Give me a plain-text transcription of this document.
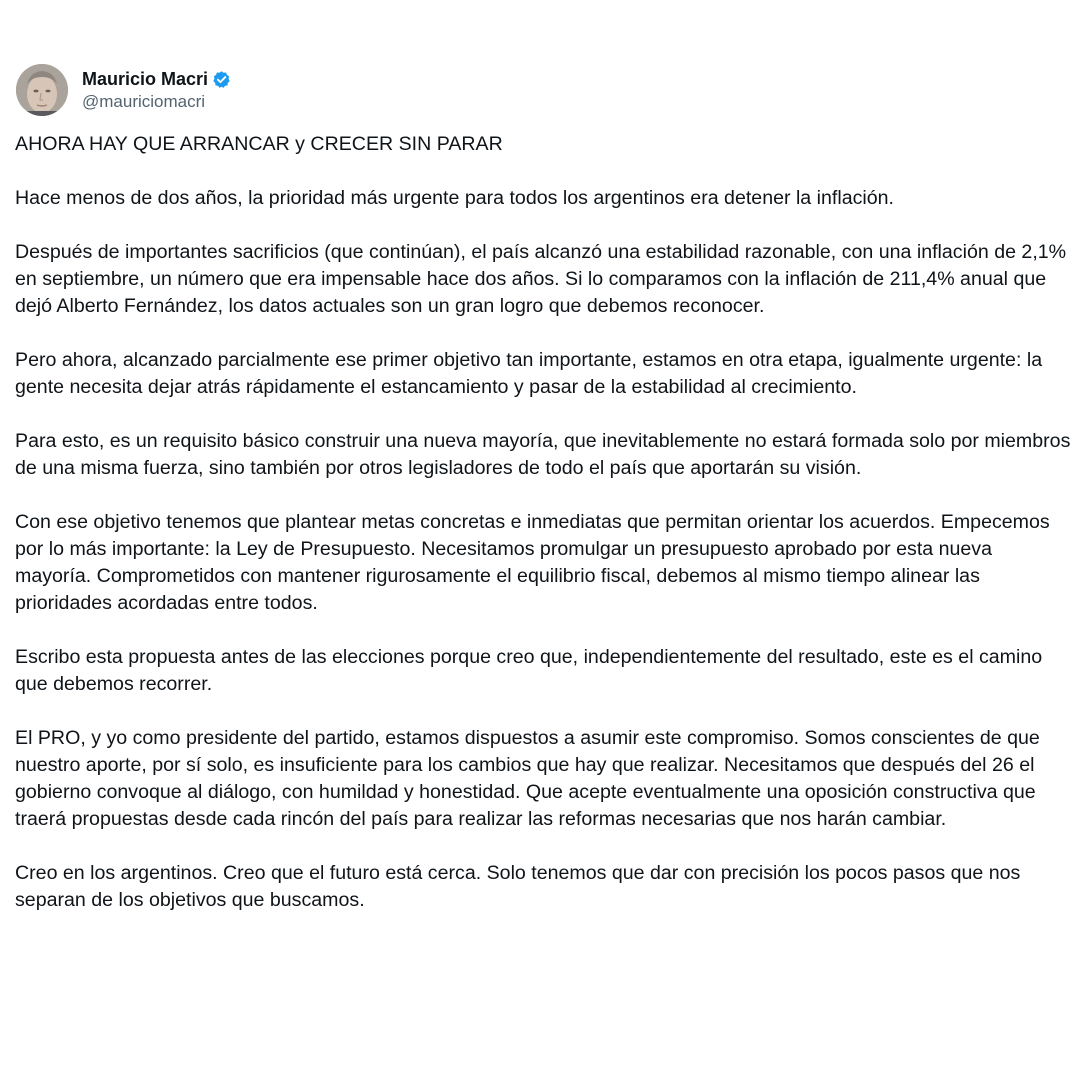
Mauricio Macri
@mauriciomacri

AHORA HAY QUE ARRANCAR y CRECER SIN PARAR

Hace menos de dos años, la prioridad más urgente para todos los argentinos era detener la inflación.

Después de importantes sacrificios (que continúan), el país alcanzó una estabilidad razonable, con una inflación de 2,1% en septiembre, un número que era impensable hace dos años. Si lo comparamos con la inflación de 211,4% anual que dejó Alberto Fernández, los datos actuales son un gran logro que debemos reconocer.

Pero ahora, alcanzado parcialmente ese primer objetivo tan importante, estamos en otra etapa, igualmente urgente: la gente necesita dejar atrás rápidamente el estancamiento y pasar de la estabilidad al crecimiento.

Para esto, es un requisito básico construir una nueva mayoría, que inevitablemente no estará formada solo por miembros de una misma fuerza, sino también por otros legisladores de todo el país que aportarán su visión.

Con ese objetivo tenemos que plantear metas concretas e inmediatas que permitan orientar los acuerdos. Empecemos por lo más importante: la Ley de Presupuesto. Necesitamos promulgar un presupuesto aprobado por esta nueva mayoría. Comprometidos con mantener rigurosamente el equilibrio fiscal, debemos al mismo tiempo alinear las prioridades acordadas entre todos.

Escribo esta propuesta antes de las elecciones porque creo que, independientemente del resultado, este es el camino que debemos recorrer.

El PRO, y yo como presidente del partido, estamos dispuestos a asumir este compromiso. Somos conscientes de que nuestro aporte, por sí solo, es insuficiente para los cambios que hay que realizar. Necesitamos que después del 26 el gobierno convoque al diálogo, con humildad y honestidad. Que acepte eventualmente una oposición constructiva que traerá propuestas desde cada rincón del país para realizar las reformas necesarias que nos harán cambiar.

Creo en los argentinos. Creo que el futuro está cerca. Solo tenemos que dar con precisión los pocos pasos que nos separan de los objetivos que buscamos.
